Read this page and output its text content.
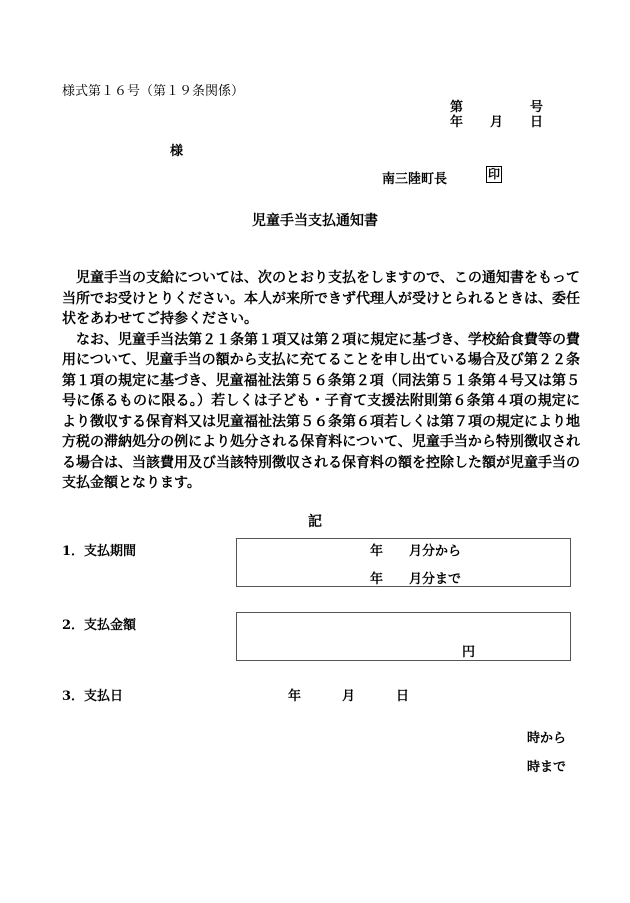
様式第１６号（第１９条関係）
第	号
年 月 日
様
南三陸町長	印
児童手当支払通知書

児童手当の支給については、次のとおり支払をしますので、この通知書をもって当所でお受けとりください。本人が来所できず代理人が受けとられるときは、委任状をあわせてご持参ください。

なお、児童手当法第２１条第１項又は第２項に規定に基づき、学校給食費等の費用について、児童手当の額から支払に充てることを申し出ている場合及び第２２条第１項の規定に基づき、児童福祉法第５６条第２項（同法第５１条第４号又は第５号に係るものに限る。）若しくは子ども・子育て支援法附則第６条第４項の規定により徴収する保育料又は児童福祉法第５６条第６項若しくは第７項の規定により地方税の滞納処分の例により処分される保育料について、児童手当から特別徴収される場合は、当該費用及び当該特別徴収される保育料の額を控除した額が児童手当の支払金額となります。

記
1．支払期間	年 月分から
年 月分まで
2．支払金額
円
3．支払日	年	月	日
時から
時まで
